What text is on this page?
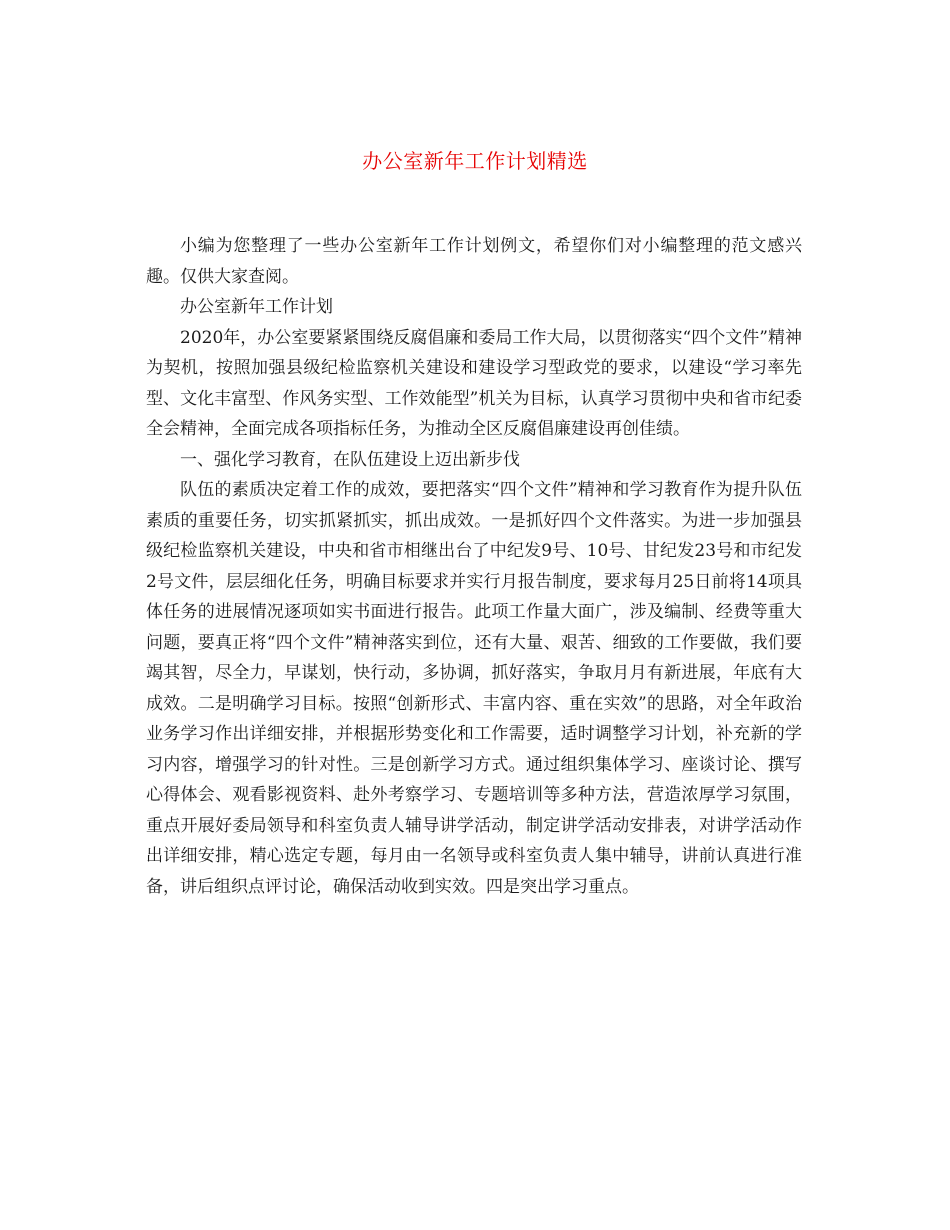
办公室新年工作计划精选

小编为您整理了一些办公室新年工作计划例文，希望你们对小编整理的范文感兴趣。仅供大家查阅。

办公室新年工作计划

2020年，办公室要紧紧围绕反腐倡廉和委局工作大局，以贯彻落实“四个文件”精神为契机，按照加强县级纪检监察机关建设和建设学习型政党的要求，以建设“学习率先型、文化丰富型、作风务实型、工作效能型”机关为目标，认真学习贯彻中央和省市纪委全会精神，全面完成各项指标任务，为推动全区反腐倡廉建设再创佳绩。

一、强化学习教育，在队伍建设上迈出新步伐

队伍的素质决定着工作的成效，要把落实“四个文件”精神和学习教育作为提升队伍素质的重要任务，切实抓紧抓实，抓出成效。一是抓好四个文件落实。为进一步加强县级纪检监察机关建设，中央和省市相继出台了中纪发9号、10号、甘纪发23号和市纪发2号文件，层层细化任务，明确目标要求并实行月报告制度，要求每月25日前将14项具体任务的进展情况逐项如实书面进行报告。此项工作量大面广，涉及编制、经费等重大问题，要真正将“四个文件”精神落实到位，还有大量、艰苦、细致的工作要做，我们要竭其智，尽全力，早谋划，快行动，多协调，抓好落实，争取月月有新进展，年底有大成效。二是明确学习目标。按照“创新形式、丰富内容、重在实效”的思路，对全年政治业务学习作出详细安排，并根据形势变化和工作需要，适时调整学习计划，补充新的学习内容，增强学习的针对性。三是创新学习方式。通过组织集体学习、座谈讨论、撰写心得体会、观看影视资料、赴外考察学习、专题培训等多种方法，营造浓厚学习氛围，重点开展好委局领导和科室负责人辅导讲学活动，制定讲学活动安排表，对讲学活动作出详细安排，精心选定专题，每月由一名领导或科室负责人集中辅导，讲前认真进行准备，讲后组织点评讨论，确保活动收到实效。四是突出学习重点。
